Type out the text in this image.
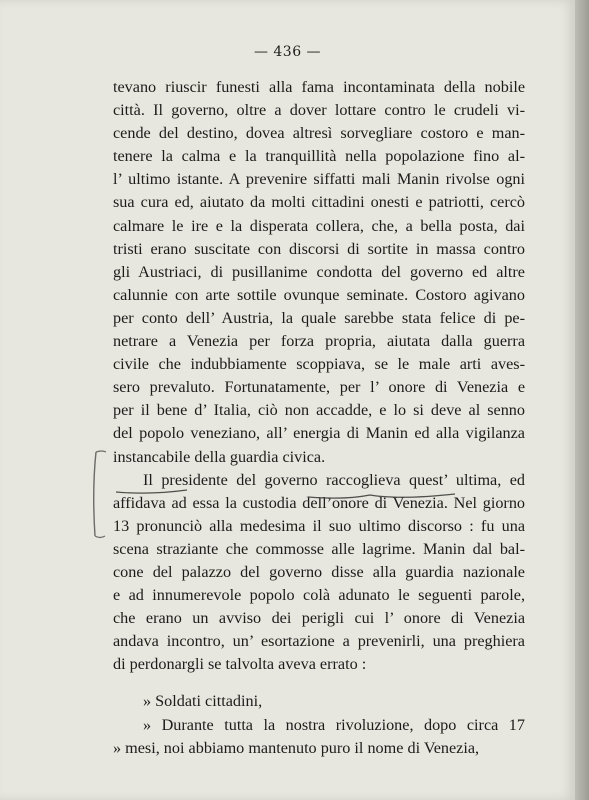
— 436 —

tevano riuscir funesti alla fama incontaminata della nobile
città. Il governo, oltre a dover lottare contro le crudeli vi-
cende del destino, dovea altresì sorvegliare costoro e man-
tenere la calma e la tranquillità nella popolazione fino al-
l’ ultimo istante. A prevenire siffatti mali Manin rivolse ogni
sua cura ed, aiutato da molti cittadini onesti e patriotti, cercò
calmare le ire e la disperata collera, che, a bella posta, dai
tristi erano suscitate con discorsi di sortite in massa contro
gli Austriaci, di pusillanime condotta del governo ed altre
calunnie con arte sottile ovunque seminate. Costoro agivano
per conto dell’ Austria, la quale sarebbe stata felice di pe-
netrare a Venezia per forza propria, aiutata dalla guerra
civile che indubbiamente scoppiava, se le male arti aves-
sero prevaluto. Fortunatamente, per l’ onore di Venezia e
per il bene d’ Italia, ciò non accadde, e lo si deve al senno
del popolo veneziano, all’ energia di Manin ed alla vigilanza
instancabile della guardia civica.

Il presidente del governo raccoglieva quest’ ultima, ed
affidava ad essa la custodia dell’onore di Venezia. Nel giorno
13 pronunciò alla medesima il suo ultimo discorso : fu una
scena straziante che commosse alle lagrime. Manin dal bal-
cone del palazzo del governo disse alla guardia nazionale
e ad innumerevole popolo colà adunato le seguenti parole,
che erano un avviso dei perigli cui l’ onore di Venezia
andava incontro, un’ esortazione a prevenirli, una preghiera
di perdonargli se talvolta aveva errato :

» Soldati cittadini,

» Durante tutta la nostra rivoluzione, dopo circa 17
» mesi, noi abbiamo mantenuto puro il nome di Venezia,
